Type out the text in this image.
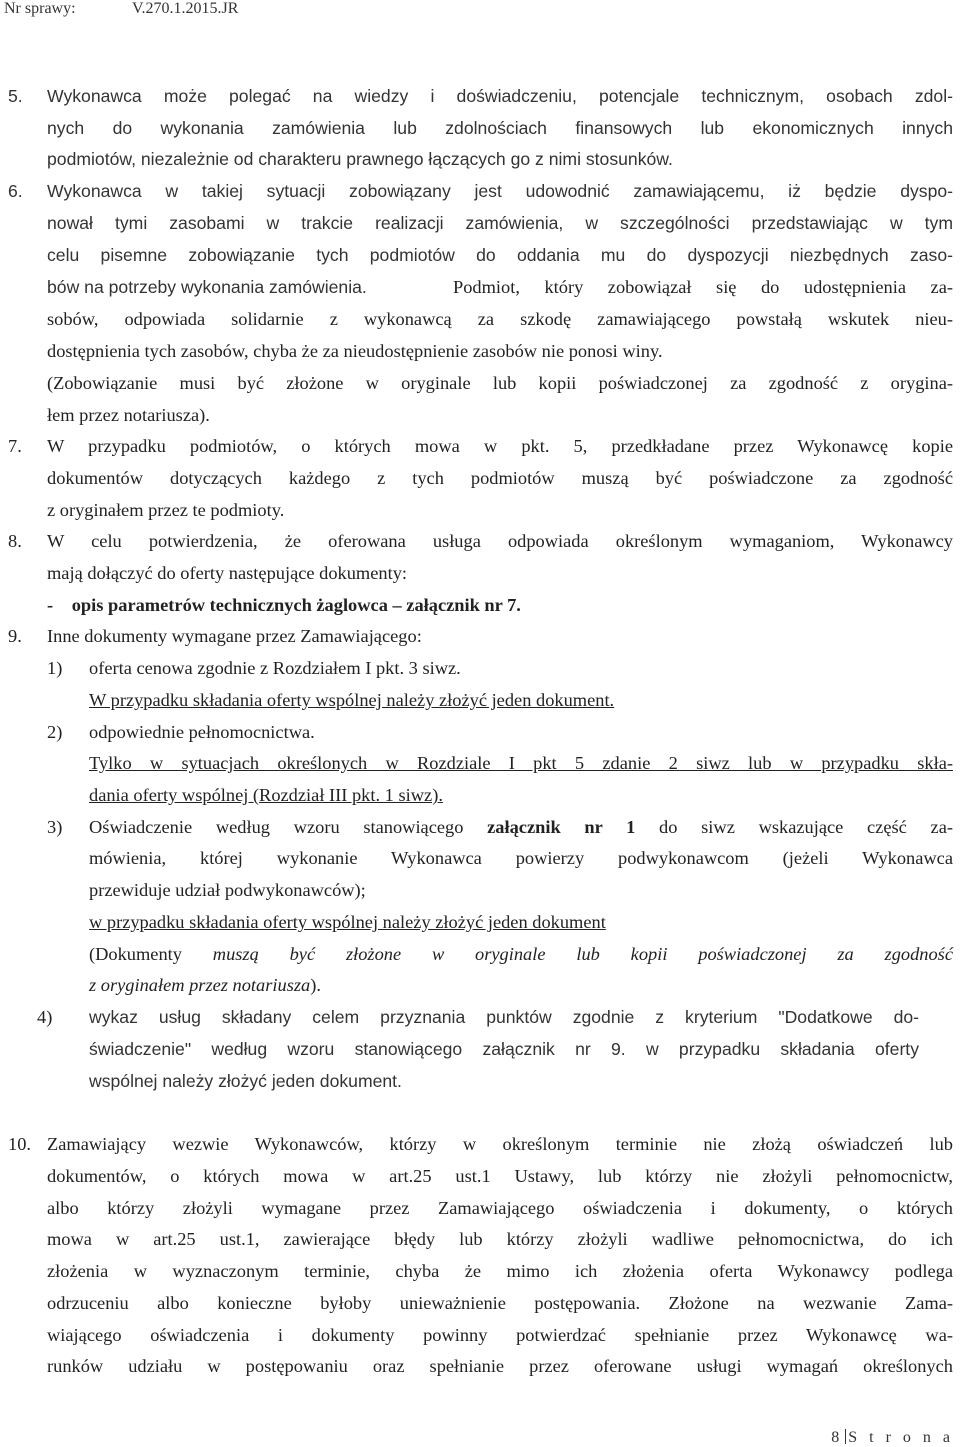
Nr sprawy:	V.270.1.2015.JR
5. Wykonawca może polegać na wiedzy i doświadczeniu, potencjale technicznym, osobach zdol-
nych do wykonania zamówienia lub zdolnościach finansowych lub ekonomicznych innych
podmiotów, niezależnie od charakteru prawnego łączących go z nimi stosunków.
6. Wykonawca w takiej sytuacji zobowiązany jest udowodnić zamawiającemu, iż będzie dyspo-
nował tymi zasobami w trakcie realizacji zamówienia, w szczególności przedstawiając w tym
celu pisemne zobowiązanie tych podmiotów do oddania mu do dyspozycji niezbędnych zaso-
bów na potrzeby wykonania zamówienia.	Podmiot, który zobowiązał się do udostępnienia za-
sobów, odpowiada solidarnie z wykonawcą za szkodę zamawiającego powstałą wskutek nieu-
dostępnienia tych zasobów, chyba że za nieudostępnienie zasobów nie ponosi winy.
(Zobowiązanie musi być złożone w oryginale lub kopii poświadczonej za zgodność z orygina-
łem przez notariusza).
7. W przypadku podmiotów, o których mowa w pkt. 5, przedkładane przez Wykonawcę kopie
dokumentów dotyczących każdego z tych podmiotów muszą być poświadczone za zgodność
z oryginałem przez te podmioty.
8. W celu potwierdzenia, że oferowana usługa odpowiada określonym wymaganiom, Wykonawcy
mają dołączyć do oferty następujące dokumenty:
- opis parametrów technicznych żaglowca – załącznik nr 7.
9. Inne dokumenty wymagane przez Zamawiającego:
1) oferta cenowa zgodnie z Rozdziałem I pkt. 3 siwz.
W przypadku składania oferty wspólnej należy złożyć jeden dokument.
2) odpowiednie pełnomocnictwa.
Tylko w sytuacjach określonych w Rozdziale I pkt 5 zdanie 2 siwz lub w przypadku skła-
dania oferty wspólnej (Rozdział III pkt. 1 siwz).
3) Oświadczenie według wzoru stanowiącego załącznik nr 1 do siwz wskazujące część za-
mówienia, której wykonanie Wykonawca powierzy podwykonawcom (jeżeli Wykonawca
przewiduje udział podwykonawców);
w przypadku składania oferty wspólnej należy złożyć jeden dokument
(Dokumenty muszą być złożone w oryginale lub kopii poświadczonej za zgodność
z oryginałem przez notariusza).
4) wykaz usług składany celem przyznania punktów zgodnie z kryterium "Dodatkowe do-
świadczenie" według wzoru stanowiącego załącznik nr 9. w przypadku składania oferty
wspólnej należy złożyć jeden dokument.
10. Zamawiający wezwie Wykonawców, którzy w określonym terminie nie złożą oświadczeń lub
dokumentów, o których mowa w art.25 ust.1 Ustawy, lub którzy nie złożyli pełnomocnictw,
albo którzy złożyli wymagane przez Zamawiającego oświadczenia i dokumenty, o których
mowa w art.25 ust.1, zawierające błędy lub którzy złożyli wadliwe pełnomocnictwa, do ich
złożenia w wyznaczonym terminie, chyba że mimo ich złożenia oferta Wykonawcy podlega
odrzuceniu albo konieczne byłoby unieważnienie postępowania. Złożone na wezwanie Zama-
wiającego oświadczenia i dokumenty powinny potwierdzać spełnianie przez Wykonawcę wa-
runków udziału w postępowaniu oraz spełnianie przez oferowane usługi wymagań określonych
8 S t r o n a
